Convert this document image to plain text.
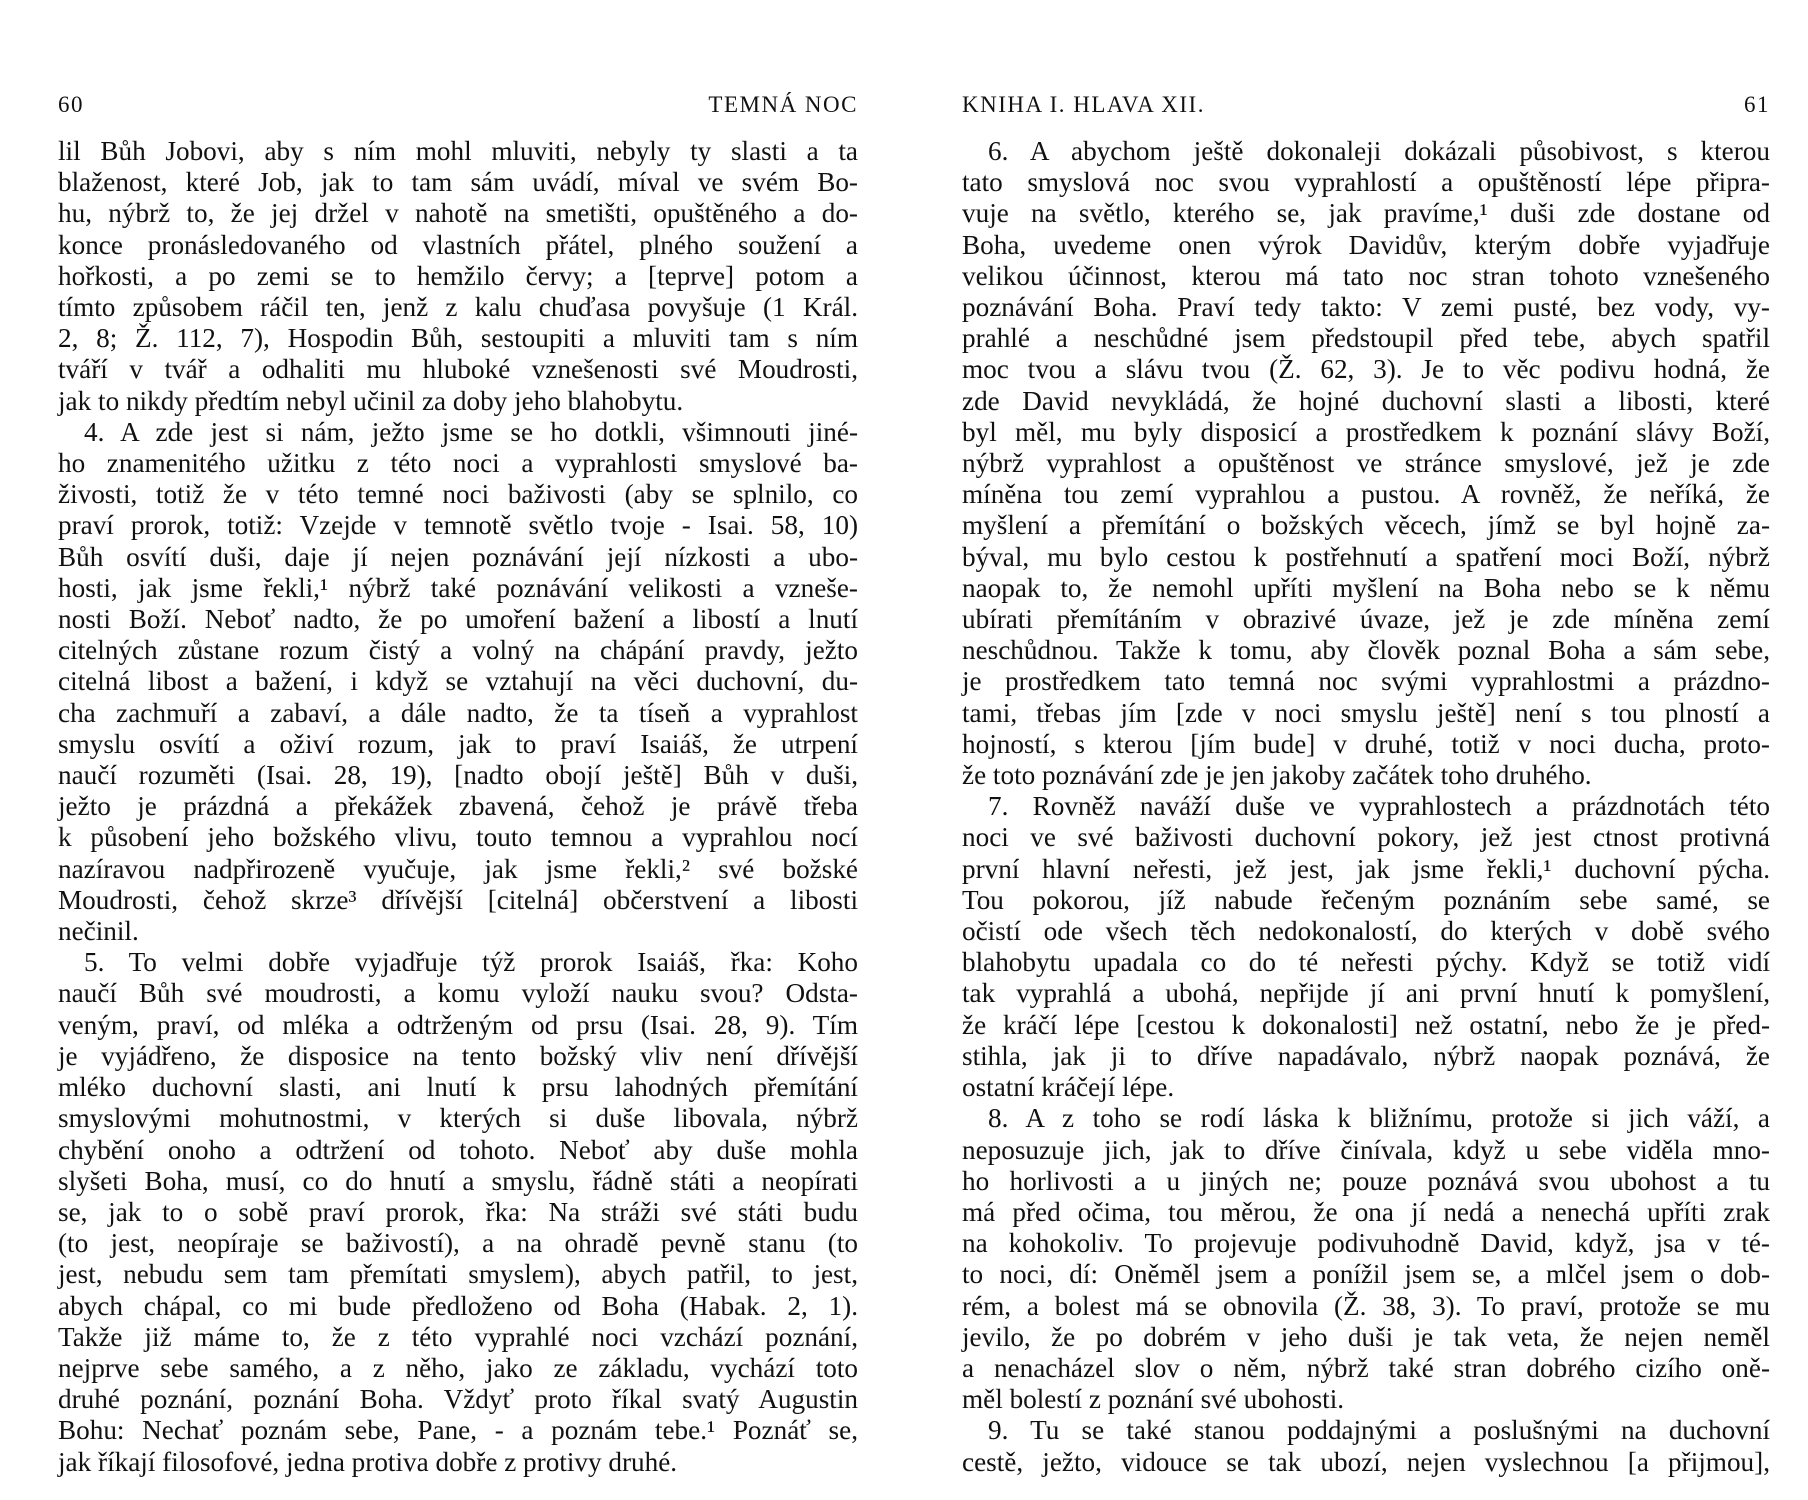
60	TEMNÁ NOC
lil Bůh Jobovi, aby s ním mohl mluviti, nebyly ty slasti a ta
blaženost, které Job, jak to tam sám uvádí, míval ve svém Bo-
hu, nýbrž to, že jej držel v nahotě na smetišti, opuštěného a do-
konce pronásledovaného od vlastních přátel, plného soužení a
hořkosti, a po zemi se to hemžilo červy; a [teprve] potom a
tímto způsobem ráčil ten, jenž z kalu chuďasa povyšuje (1 Král.
2, 8; Ž. 112, 7), Hospodin Bůh, sestoupiti a mluviti tam s ním
tváří v tvář a odhaliti mu hluboké vznešenosti své Moudrosti,
jak to nikdy předtím nebyl učinil za doby jeho blahobytu.
4. A zde jest si nám, ježto jsme se ho dotkli, všimnouti jiné-
ho znamenitého užitku z této noci a vyprahlosti smyslové ba-
živosti, totiž že v této temné noci baživosti (aby se splnilo, co
praví prorok, totiž: Vzejde v temnotě světlo tvoje - Isai. 58, 10)
Bůh osvítí duši, daje jí nejen poznávání její nízkosti a ubo-
hosti, jak jsme řekli,¹ nýbrž také poznávání velikosti a vzneše-
nosti Boží. Neboť nadto, že po umoření bažení a libostí a lnutí
citelných zůstane rozum čistý a volný na chápání pravdy, ježto
citelná libost a bažení, i když se vztahují na věci duchovní, du-
cha zachmuří a zabaví, a dále nadto, že ta tíseň a vyprahlost
smyslu osvítí a oživí rozum, jak to praví Isaiáš, že utrpení
naučí rozuměti (Isai. 28, 19), [nadto obojí ještě] Bůh v duši,
ježto je prázdná a překážek zbavená, čehož je právě třeba
k působení jeho božského vlivu, touto temnou a vyprahlou nocí
nazíravou nadpřirozeně vyučuje, jak jsme řekli,² své božské
Moudrosti, čehož skrze³ dřívější [citelná] občerstvení a libosti
nečinil.
5. To velmi dobře vyjadřuje týž prorok Isaiáš, řka: Koho
naučí Bůh své moudrosti, a komu vyloží nauku svou? Odsta-
veným, praví, od mléka a odtrženým od prsu (Isai. 28, 9). Tím
je vyjádřeno, že disposice na tento božský vliv není dřívější
mléko duchovní slasti, ani lnutí k prsu lahodných přemítání
smyslovými mohutnostmi, v kterých si duše libovala, nýbrž
chybění onoho a odtržení od tohoto. Neboť aby duše mohla
slyšeti Boha, musí, co do hnutí a smyslu, řádně státi a neopírati
se, jak to o sobě praví prorok, řka: Na stráži své státi budu
(to jest, neopíraje se baživostí), a na ohradě pevně stanu (to
jest, nebudu sem tam přemítati smyslem), abych patřil, to jest,
abych chápal, co mi bude předloženo od Boha (Habak. 2, 1).
Takže již máme to, že z této vyprahlé noci vzchází poznání,
nejprve sebe samého, a z něho, jako ze základu, vychází toto
druhé poznání, poznání Boha. Vždyť proto říkal svatý Augustin
Bohu: Nechať poznám sebe, Pane, - a poznám tebe.¹ Poznáť se,
jak říkají filosofové, jedna protiva dobře z protivy druhé.
KNIHA I. HLAVA XII.	61
6. A abychom ještě dokonaleji dokázali působivost, s kterou
tato smyslová noc svou vyprahlostí a opuštěností lépe připra-
vuje na světlo, kterého se, jak pravíme,¹ duši zde dostane od
Boha, uvedeme onen výrok Davidův, kterým dobře vyjadřuje
velikou účinnost, kterou má tato noc stran tohoto vznešeného
poznávání Boha. Praví tedy takto: V zemi pusté, bez vody, vy-
prahlé a neschůdné jsem předstoupil před tebe, abych spatřil
moc tvou a slávu tvou (Ž. 62, 3). Je to věc podivu hodná, že
zde David nevykládá, že hojné duchovní slasti a libosti, které
byl měl, mu byly disposicí a prostředkem k poznání slávy Boží,
nýbrž vyprahlost a opuštěnost ve stránce smyslové, jež je zde
míněna tou zemí vyprahlou a pustou. A rovněž, že neříká, že
myšlení a přemítání o božských věcech, jímž se byl hojně za-
býval, mu bylo cestou k postřehnutí a spatření moci Boží, nýbrž
naopak to, že nemohl upříti myšlení na Boha nebo se k němu
ubírati přemítáním v obrazivé úvaze, jež je zde míněna zemí
neschůdnou. Takže k tomu, aby člověk poznal Boha a sám sebe,
je prostředkem tato temná noc svými vyprahlostmi a prázdno-
tami, třebas jím [zde v noci smyslu ještě] není s tou plností a
hojností, s kterou [jím bude] v druhé, totiž v noci ducha, proto-
že toto poznávání zde je jen jakoby začátek toho druhého.
7. Rovněž naváží duše ve vyprahlostech a prázdnotách této
noci ve své baživosti duchovní pokory, jež jest ctnost protivná
první hlavní neřesti, jež jest, jak jsme řekli,¹ duchovní pýcha.
Tou pokorou, jíž nabude řečeným poznáním sebe samé, se
očistí ode všech těch nedokonalostí, do kterých v době svého
blahobytu upadala co do té neřesti pýchy. Když se totiž vidí
tak vyprahlá a ubohá, nepřijde jí ani první hnutí k pomyšlení,
že kráčí lépe [cestou k dokonalosti] než ostatní, nebo že je před-
stihla, jak ji to dříve napadávalo, nýbrž naopak poznává, že
ostatní kráčejí lépe.
8. A z toho se rodí láska k bližnímu, protože si jich váží, a
neposuzuje jich, jak to dříve činívala, když u sebe viděla mno-
ho horlivosti a u jiných ne; pouze poznává svou ubohost a tu
má před očima, tou měrou, že ona jí nedá a nenechá upříti zrak
na kohokoliv. To projevuje podivuhodně David, když, jsa v té-
to noci, dí: Oněměl jsem a ponížil jsem se, a mlčel jsem o dob-
rém, a bolest má se obnovila (Ž. 38, 3). To praví, protože se mu
jevilo, že po dobrém v jeho duši je tak veta, že nejen neměl
a nenacházel slov o něm, nýbrž také stran dobrého cizího oně-
měl bolestí z poznání své ubohosti.
9. Tu se také stanou poddajnými a poslušnými na duchovní
cestě, ježto, vidouce se tak ubozí, nejen vyslechnou [a přijmou],
